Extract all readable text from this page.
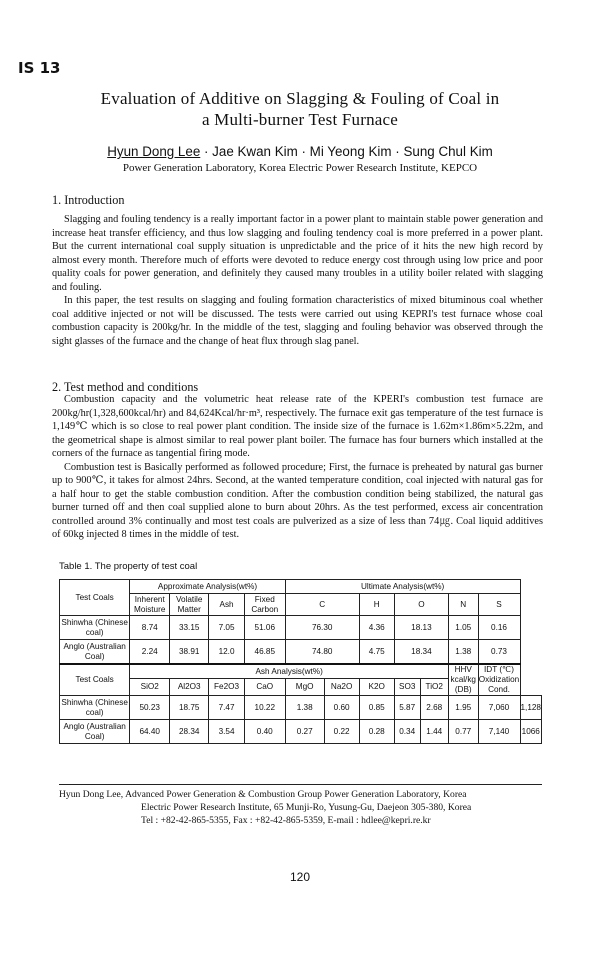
IS 13
Evaluation of Additive on Slagging & Fouling of Coal in
a Multi-burner Test Furnace
Hyun Dong Lee · Jae Kwan Kim · Mi Yeong Kim · Sung Chul Kim
Power Generation Laboratory, Korea Electric Power Research Institute, KEPCO
1. Introduction

Slagging and fouling tendency is a really important factor in a power plant to maintain stable power generation and increase heat transfer efficiency, and thus low slagging and fouling tendency coal is more preferred in a power plant. But the current international coal supply situation is unpredictable and the price of it hits the new high record by almost every month. Therefore much of efforts were devoted to reduce energy cost through using low price and poor quality coals for power generation, and definitely they caused many troubles in a utility boiler related with slagging and fouling.

In this paper, the test results on slagging and fouling formation characteristics of mixed bituminous coal whether coal additive injected or not will be discussed. The tests were carried out using KEPRI's test furnace whose coal combustion capacity is 200kg/hr. In the middle of the test, slagging and fouling behavior was observed through the sight glasses of the furnace and the change of heat flux through slag panel.

2. Test method and conditions

Combustion capacity and the volumetric heat release rate of the KPERI's combustion test furnace are 200kg/hr(1,328,600kcal/hr) and 84,624Kcal/hr·m³, respectively. The furnace exit gas temperature of the test furnace is 1,149℃ which is so close to real power plant condition. The inside size of the furnace is 1.62m×1.86m×5.22m, and the geometrical shape is almost similar to real power plant boiler. The furnace has four burners which installed at the corners of the furnace as tangential firing mode.

Combustion test is Basically performed as followed procedure; First, the furnace is preheated by natural gas burner up to 900℃, it takes for almost 24hrs. Second, at the wanted temperature condition, coal injected with natural gas for a half hour to get the stable combustion condition. After the combustion condition being stabilized, the natural gas burner turned off and then coal supplied alone to burn about 20hrs. As the test performed, excess air concentration controlled around 3% continually and most test coals are pulverized as a size of less than 74㎍. Coal liquid additives of 60kg injected 8 times in the middle of test.

Table 1. The property of test coal
Test Coals	Approximate Analysis(wt%)				Ultimate Analysis(wt%)							
	Inherent Moisture	Volatile Matter	Ash	Fixed Carbon	C		H	O		N	S	
Shinwha (Chinese coal)	8.74	33.15	7.05	51.06	76.30		4.36	18.13		1.05	0.16	
Anglo (Australian Coal)	2.24	38.91	12.0	46.85	74.80		4.75	18.34		1.38	0.73	
Test Coals	Ash Analysis(wt%)									HHV kcal/kg (DB)	IDT (℃) Oxidization Cond.	
	SiO2	Al2O3	Fe2O3	CaO	MgO	Na2O	K2O	SO3	TiO2			
Shinwha (Chinese coal)	50.23	18.75	7.47	10.22	1.38	0.60	0.85	5.87	2.68	1.95	7,060	1,128
Anglo (Australian Coal)	64.40	28.34	3.54	0.40	0.27	0.22	0.28	0.34	1.44	0.77	7,140	1066
Hyun Dong Lee, Advanced Power Generation & Combustion Group Power Generation Laboratory, Korea
Electric Power Research Institute, 65 Munji-Ro, Yusung-Gu, Daejeon 305-380, Korea
Tel : +82-42-865-5355, Fax : +82-42-865-5359, E-mail : hdlee@kepri.re.kr
120
